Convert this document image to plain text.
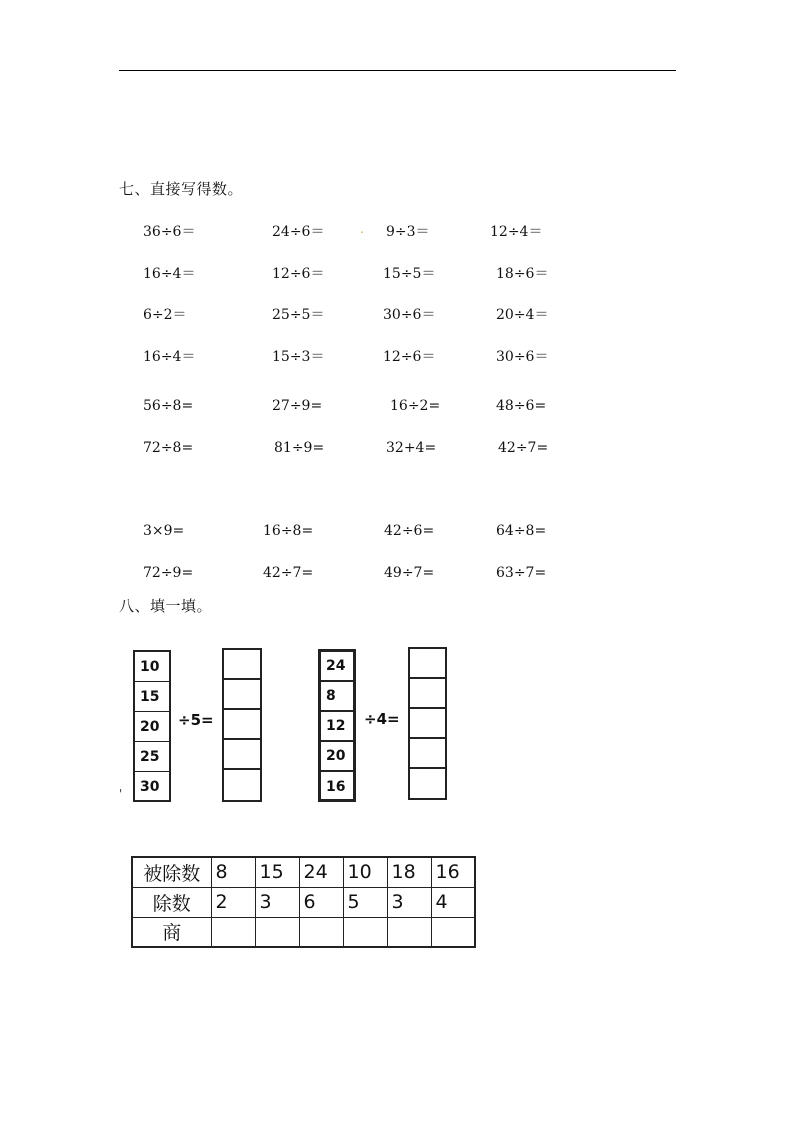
七、直接写得数。
36÷6＝	24÷6＝	. 9÷3＝	12÷4＝
16÷4＝	12÷6＝	15÷5＝	18÷6＝
6÷2＝	25÷5＝	30÷6＝	20÷4＝
16÷4＝	15÷3＝	12÷6＝	30÷6＝
56÷8=	27÷9=	16÷2=	48÷6=
72÷8=	81÷9=	32+4=	42÷7=
3×9=	16÷8=	42÷6=	64÷8=
72÷9=	42÷7=	49÷7=	63÷7=
八、填一填。
10
15
20
25
30
'
÷5=
24
8
12
20
16
÷4=
被除数	8	15	24	10	18	16
除数	2	3	6	5	3	4
商						
